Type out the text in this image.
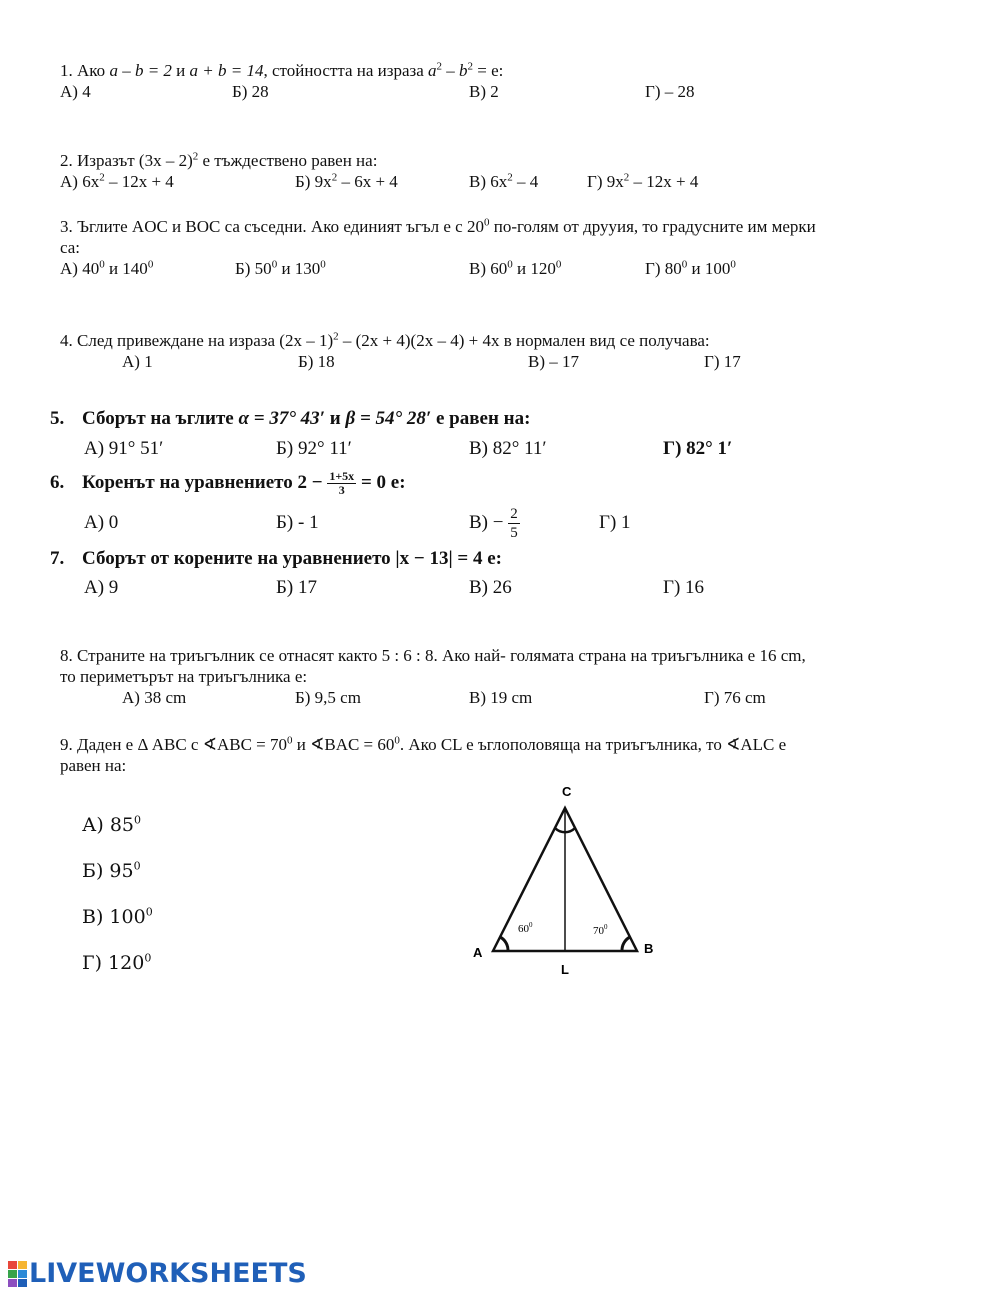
1. Ако a – b = 2 и a + b = 14, стойността на израза $a^2 - b^2 = е$:
А) 4	Б) 28	В) 2	Г) – 28
2. Изразът (3x – 2)$^2$ е тъждествено равен на:
А) $6x^2 - 12x + 4$	Б) $9x^2 - 6x + 4$	В) $6x^2 - 4$	Г) $9x^2 - 12x + 4$
3. Ъглите AOC и BOC са съседни. Ако единият ъгъл е с $20^0$ по-голям от друуия, то градусните им мерки
са:
А) $40^0$ и $140^0$	Б) $50^0$ и $130^0$	В) $60^0$ и $120^0$	Г) $80^0$ и $100^0$
4. След привеждане на израза (2x – 1)$^2$ – (2x + 4)(2x – 4) + 4x в нормален вид се получава:
А) 1	Б) 18	В) – 17	Г) 17
5. Сборът на ъглите α = 37° 43′ и β = 54° 28′ е равен на:
А) 91° 51′	Б) 92° 11′	В) 82° 11′	Г) 82° 1′
6. Коренът на уравнението $2 - \frac{1+5x}{3} = 0$ е:
А) 0	Б) - 1	$В) - \frac{2}{5}$	Г) 1
7. Сборът от корените на уравнението |x − 13| = 4 е:
А) 9	Б) 17	В) 26	Г) 16
8. Страните на триъгълник се отнасят както 5 : 6 : 8. Ако най- голямата страна на триъгълника е 16 cm,
то периметърът на триъгълника е:
А) 38 cm	Б) 9,5 cm	В) 19 cm	Г) 76 cm
9. Даден е Δ ABC с ∢ABC = $70^0$ и ∢BAC = $60^0$. Ако CL е ъглополовяща на триъгълника, то ∢ALC е
равен на:
А) $85^0$
Б) $95^0$
В) $100^0$
Г) $120^0$
C
A	B
L
$60^0$	$70^0$
LIVEWORKSHEETS
